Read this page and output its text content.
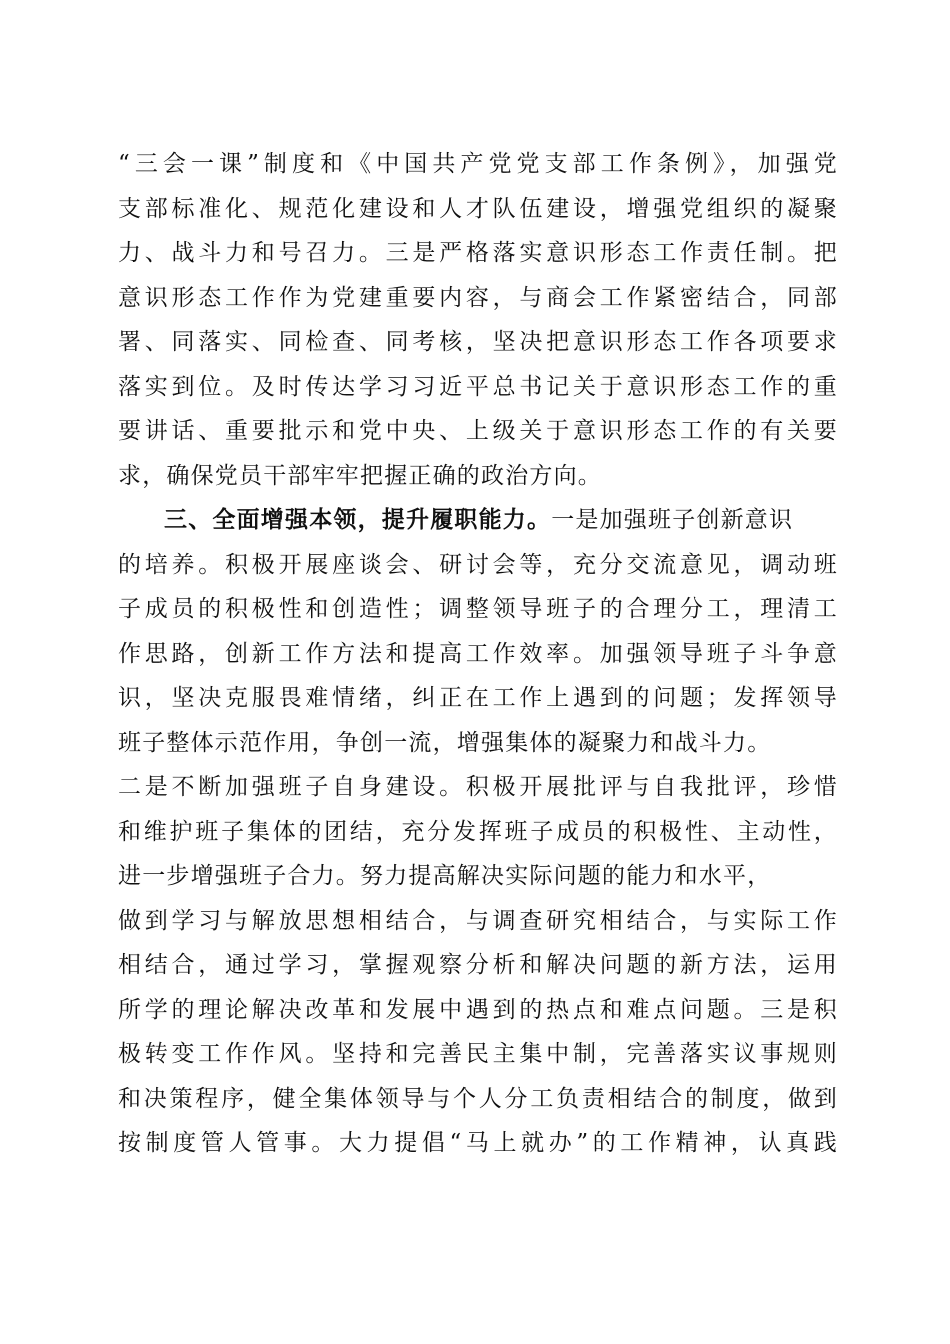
“三会一课”制度和《中国共产党党支部工作条例》，加强党
支部标准化、规范化建设和人才队伍建设，增强党组织的凝聚
力、战斗力和号召力。三是严格落实意识形态工作责任制。把
意识形态工作作为党建重要内容，与商会工作紧密结合，同部
署、同落实、同检查、同考核，坚决把意识形态工作各项要求
落实到位。及时传达学习习近平总书记关于意识形态工作的重
要讲话、重要批示和党中央、上级关于意识形态工作的有关要
求，确保党员干部牢牢把握正确的政治方向。
三、全面增强本领，提升履职能力。一是加强班子创新意识
的培养。积极开展座谈会、研讨会等，充分交流意见，调动班
子成员的积极性和创造性；调整领导班子的合理分工，理清工
作思路，创新工作方法和提高工作效率。加强领导班子斗争意
识，坚决克服畏难情绪，纠正在工作上遇到的问题；发挥领导
班子整体示范作用，争创一流，增强集体的凝聚力和战斗力。
二是不断加强班子自身建设。积极开展批评与自我批评，珍惜
和维护班子集体的团结，充分发挥班子成员的积极性、主动性，
进一步增强班子合力。努力提高解决实际问题的能力和水平，
做到学习与解放思想相结合，与调查研究相结合，与实际工作
相结合，通过学习，掌握观察分析和解决问题的新方法，运用
所学的理论解决改革和发展中遇到的热点和难点问题。三是积
极转变工作作风。坚持和完善民主集中制，完善落实议事规则
和决策程序，健全集体领导与个人分工负责相结合的制度，做到
按制度管人管事。大力提倡“马上就办”的工作精神，认真践
